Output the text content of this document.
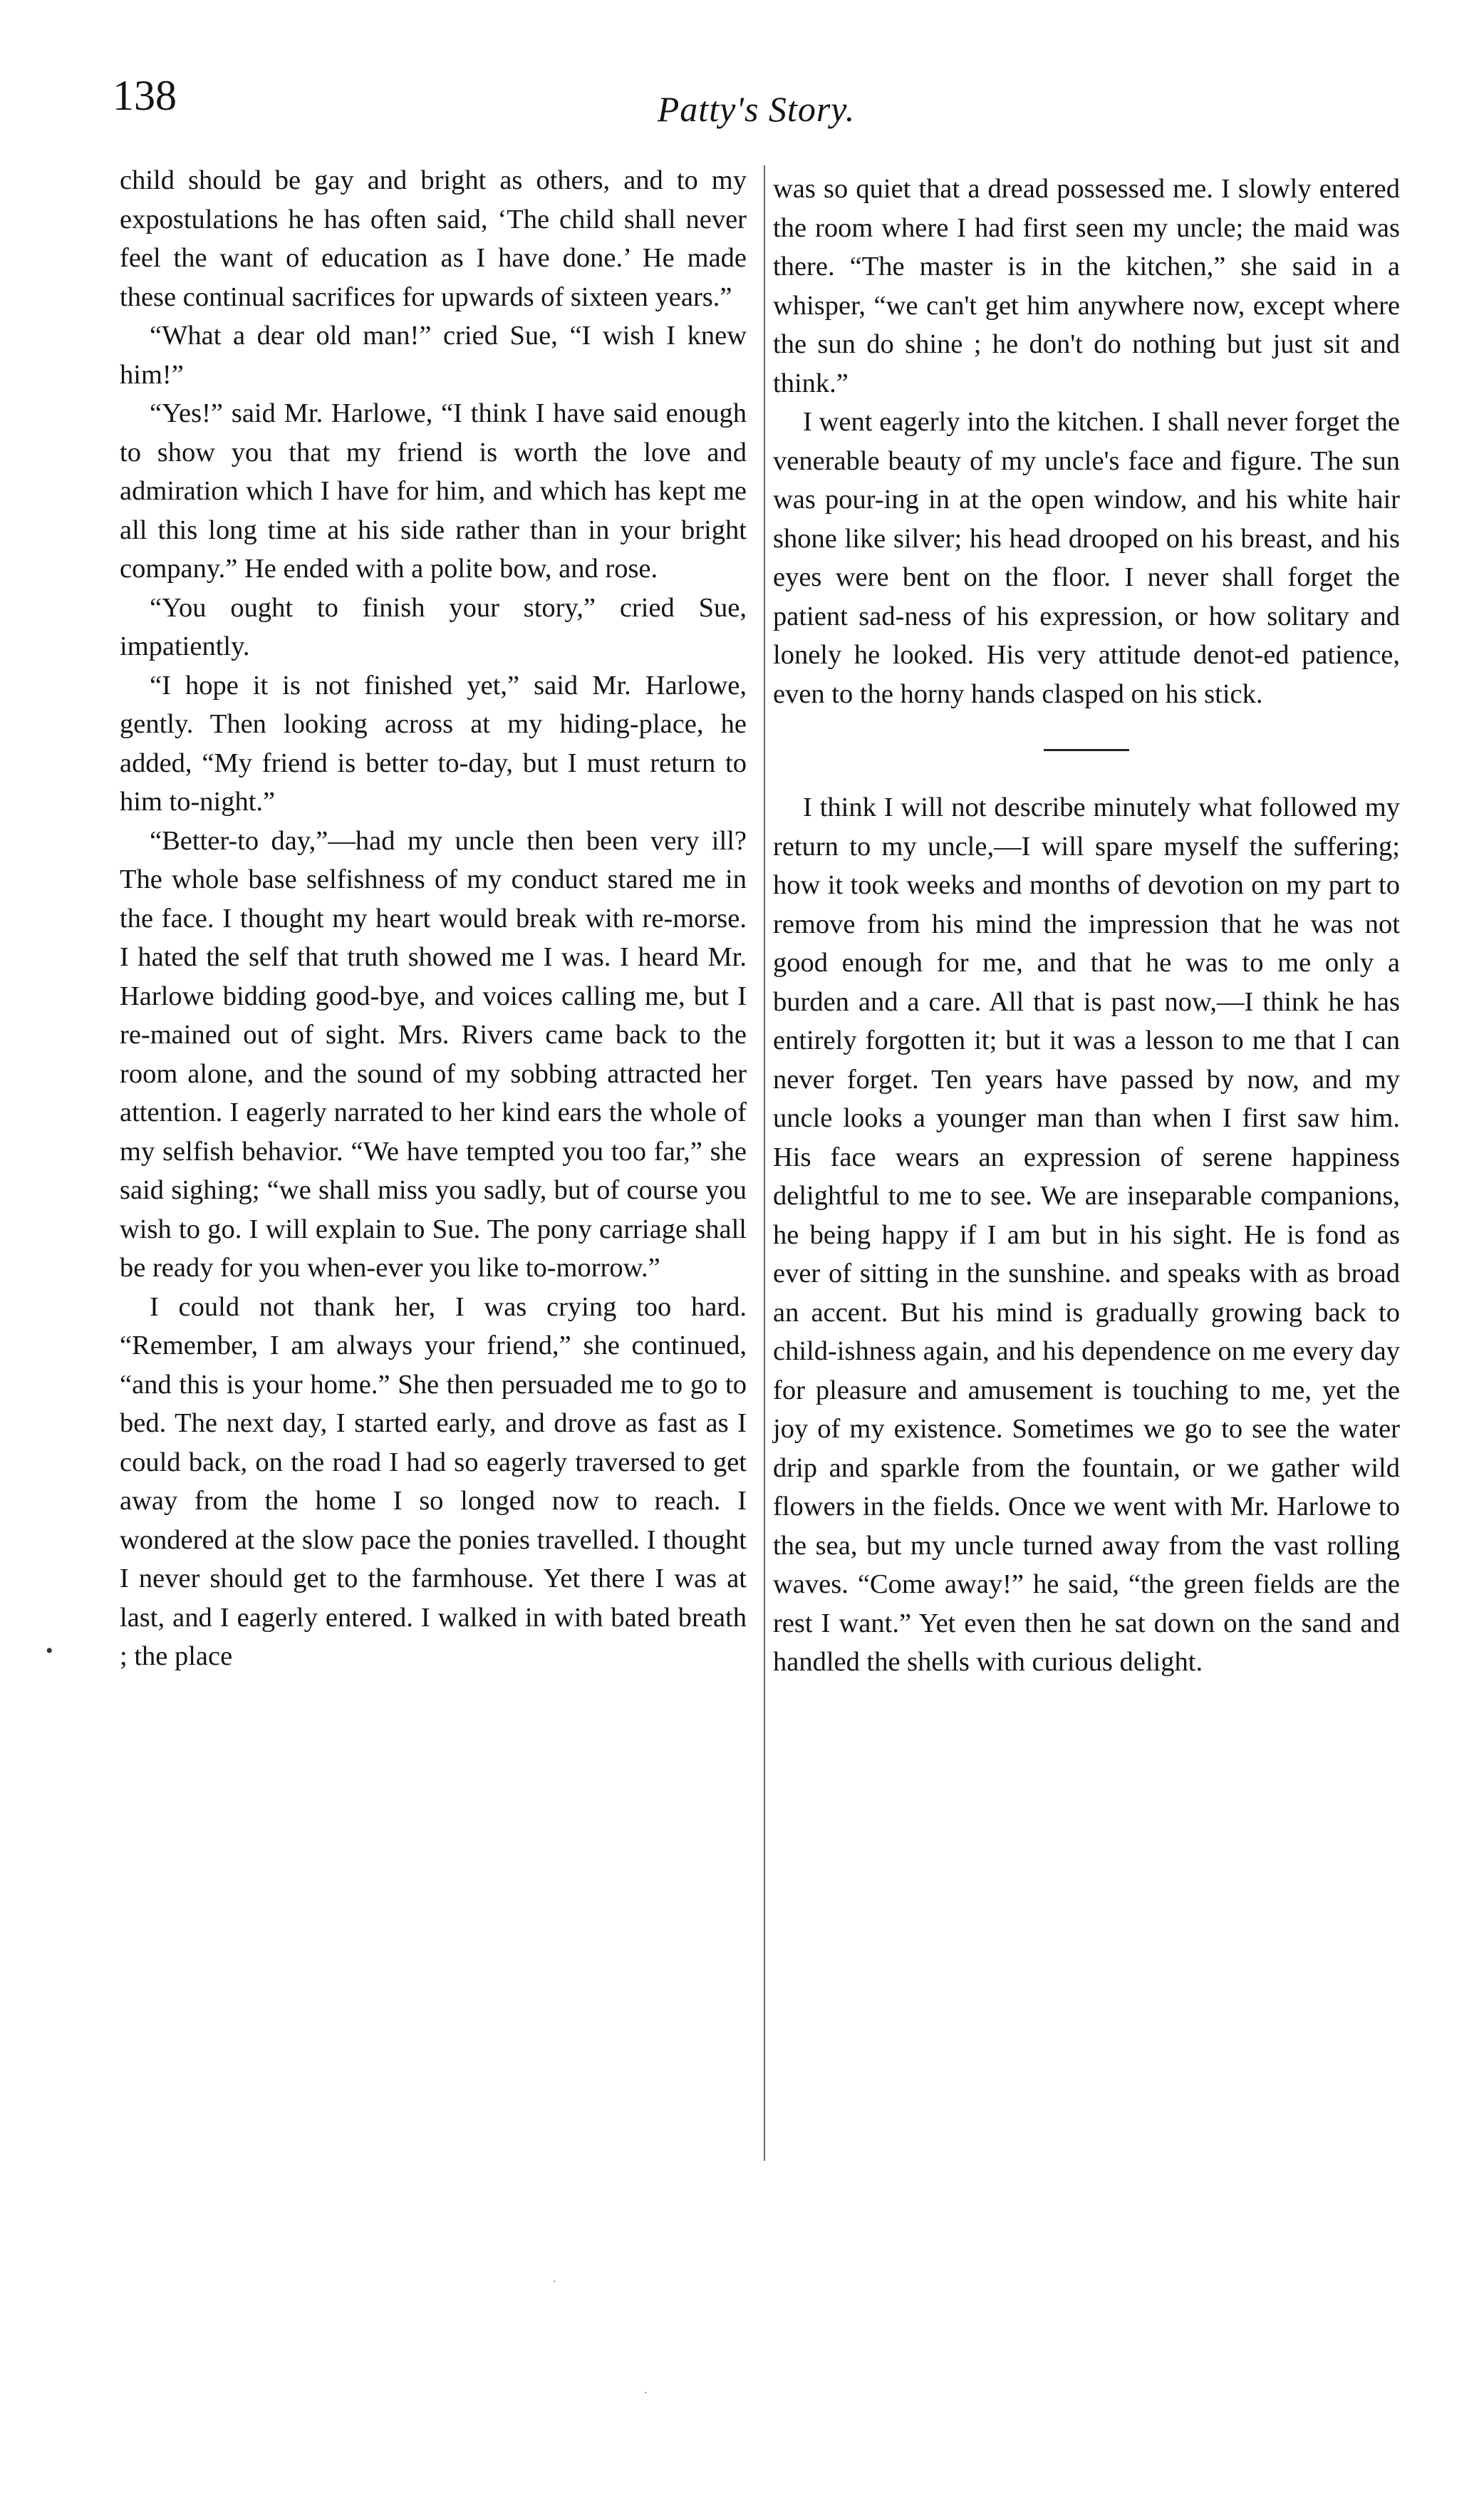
138	Patty's Story.

child should be gay and bright as others, and to my expostulations he has often said, ‘The child shall never feel the want of education as I have done.’ He made these continual sacrifices for upwards of sixteen years.”

“What a dear old man!” cried Sue, “I wish I knew him!”

“Yes!” said Mr. Harlowe, “I think I have said enough to show you that my friend is worth the love and admiration which I have for him, and which has kept me all this long time at his side rather than in your bright company.” He ended with a polite bow, and rose.

“You ought to finish your story,” cried Sue, impatiently.

“I hope it is not finished yet,” said Mr. Harlowe, gently. Then looking across at my hiding-place, he added, “My friend is better to-day, but I must return to him to-night.”

“Better-to day,”—had my uncle then been very ill? The whole base selfishness of my conduct stared me in the face. I thought my heart would break with re-morse. I hated the self that truth showed me I was. I heard Mr. Harlowe bidding good-bye, and voices calling me, but I re-mained out of sight. Mrs. Rivers came back to the room alone, and the sound of my sobbing attracted her attention. I eagerly narrated to her kind ears the whole of my selfish behavior. “We have tempted you too far,” she said sighing; “we shall miss you sadly, but of course you wish to go. I will explain to Sue. The pony carriage shall be ready for you when-ever you like to-morrow.”

I could not thank her, I was crying too hard. “Remember, I am always your friend,” she continued, “and this is your home.” She then persuaded me to go to bed. The next day, I started early, and drove as fast as I could back, on the road I had so eagerly traversed to get away from the home I so longed now to reach. I wondered at the slow pace the ponies travelled. I thought I never should get to the farmhouse. Yet there I was at last, and I eagerly entered. I walked in with bated breath ; the place

was so quiet that a dread possessed me. I slowly entered the room where I had first seen my uncle; the maid was there. “The master is in the kitchen,” she said in a whisper, “we can't get him anywhere now, except where the sun do shine ; he don't do nothing but just sit and think.”

I went eagerly into the kitchen. I shall never forget the venerable beauty of my uncle's face and figure. The sun was pour-ing in at the open window, and his white hair shone like silver; his head drooped on his breast, and his eyes were bent on the floor. I never shall forget the patient sad-ness of his expression, or how solitary and lonely he looked. His very attitude denot-ed patience, even to the horny hands clasped on his stick.

I think I will not describe minutely what followed my return to my uncle,—I will spare myself the suffering; how it took weeks and months of devotion on my part to remove from his mind the impression that he was not good enough for me, and that he was to me only a burden and a care. All that is past now,—I think he has entirely forgotten it; but it was a lesson to me that I can never forget. Ten years have passed by now, and my uncle looks a younger man than when I first saw him. His face wears an expression of serene happiness delightful to me to see. We are inseparable companions, he being happy if I am but in his sight. He is fond as ever of sitting in the sunshine. and speaks with as broad an accent. But his mind is gradually growing back to child-ishness again, and his dependence on me every day for pleasure and amusement is touching to me, yet the joy of my existence. Sometimes we go to see the water drip and sparkle from the fountain, or we gather wild flowers in the fields. Once we went with Mr. Harlowe to the sea, but my uncle turned away from the vast rolling waves. “Come away!” he said, “the green fields are the rest I want.” Yet even then he sat down on the sand and handled the shells with curious delight.

•
·
·
